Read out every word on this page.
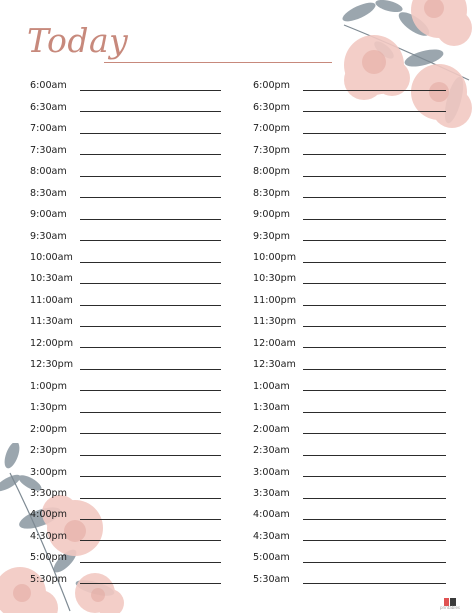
Today
6:00am
6:30am
7:00am
7:30am
8:00am
8:30am
9:00am
9:30am
10:00am
10:30am
11:00am
11:30am
12:00pm
12:30pm
1:00pm
1:30pm
2:00pm
2:30pm
3:00pm
3:30pm
4:00pm
4:30pm
5:00pm
5:30pm
6:00pm
6:30pm
7:00pm
7:30pm
8:00pm
8:30pm
9:00pm
9:30pm
10:00pm
10:30pm
11:00pm
11:30pm
12:00am
12:30am
1:00am
1:30am
2:00am
2:30am
3:00am
3:30am
4:00am
4:30am
5:00am
5:30am
printables
